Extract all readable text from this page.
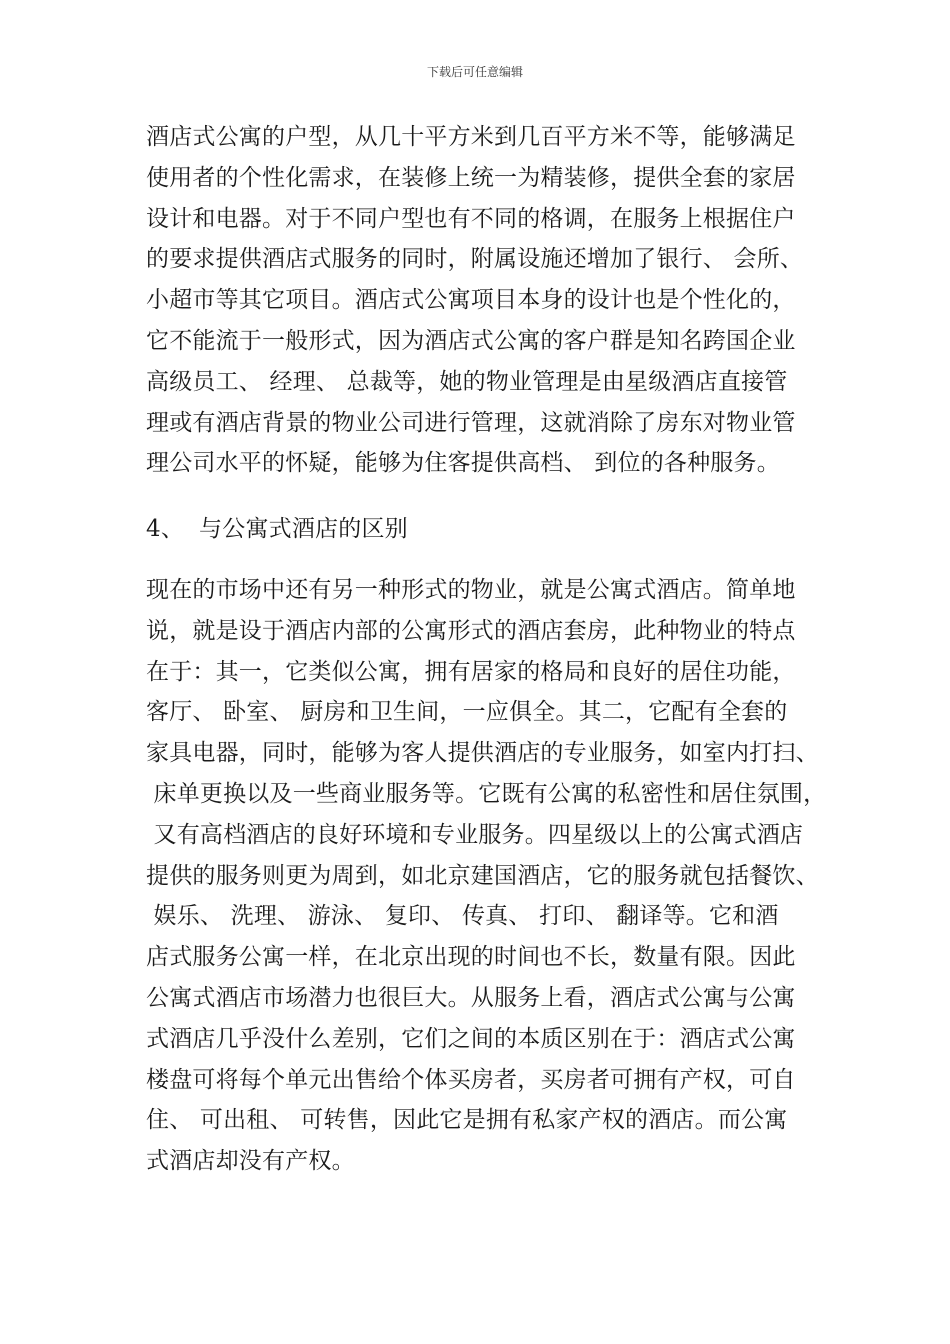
下载后可任意编辑
酒店式公寓的户型，从几十平方米到几百平方米不等，能够满足
使用者的个性化需求，在装修上统一为精装修，提供全套的家居
设计和电器。对于不同户型也有不同的格调，在服务上根据住户
的要求提供酒店式服务的同时，附属设施还增加了银行、 会所、
小超市等其它项目。酒店式公寓项目本身的设计也是个性化的，
它不能流于一般形式，因为酒店式公寓的客户群是知名跨国企业
高级员工、 经理、 总裁等，她的物业管理是由星级酒店直接管
理或有酒店背景的物业公司进行管理，这就消除了房东对物业管
理公司水平的怀疑，能够为住客提供高档、 到位的各种服务。
4、  与公寓式酒店的区别
现在的市场中还有另一种形式的物业，就是公寓式酒店。简单地
说，就是设于酒店内部的公寓形式的酒店套房，此种物业的特点
在于：其一，它类似公寓，拥有居家的格局和良好的居住功能，
客厅、 卧室、 厨房和卫生间，一应俱全。其二，它配有全套的
家具电器，同时，能够为客人提供酒店的专业服务，如室内打扫、
床单更换以及一些商业服务等。它既有公寓的私密性和居住氛围，
又有高档酒店的良好环境和专业服务。四星级以上的公寓式酒店
提供的服务则更为周到，如北京建国酒店，它的服务就包括餐饮、
娱乐、 洗理、 游泳、 复印、 传真、 打印、 翻译等。它和酒
店式服务公寓一样，在北京出现的时间也不长，数量有限。因此
公寓式酒店市场潜力也很巨大。从服务上看，酒店式公寓与公寓
式酒店几乎没什么差别，它们之间的本质区别在于：酒店式公寓
楼盘可将每个单元出售给个体买房者，买房者可拥有产权，可自
住、 可出租、 可转售，因此它是拥有私家产权的酒店。而公寓
式酒店却没有产权。
